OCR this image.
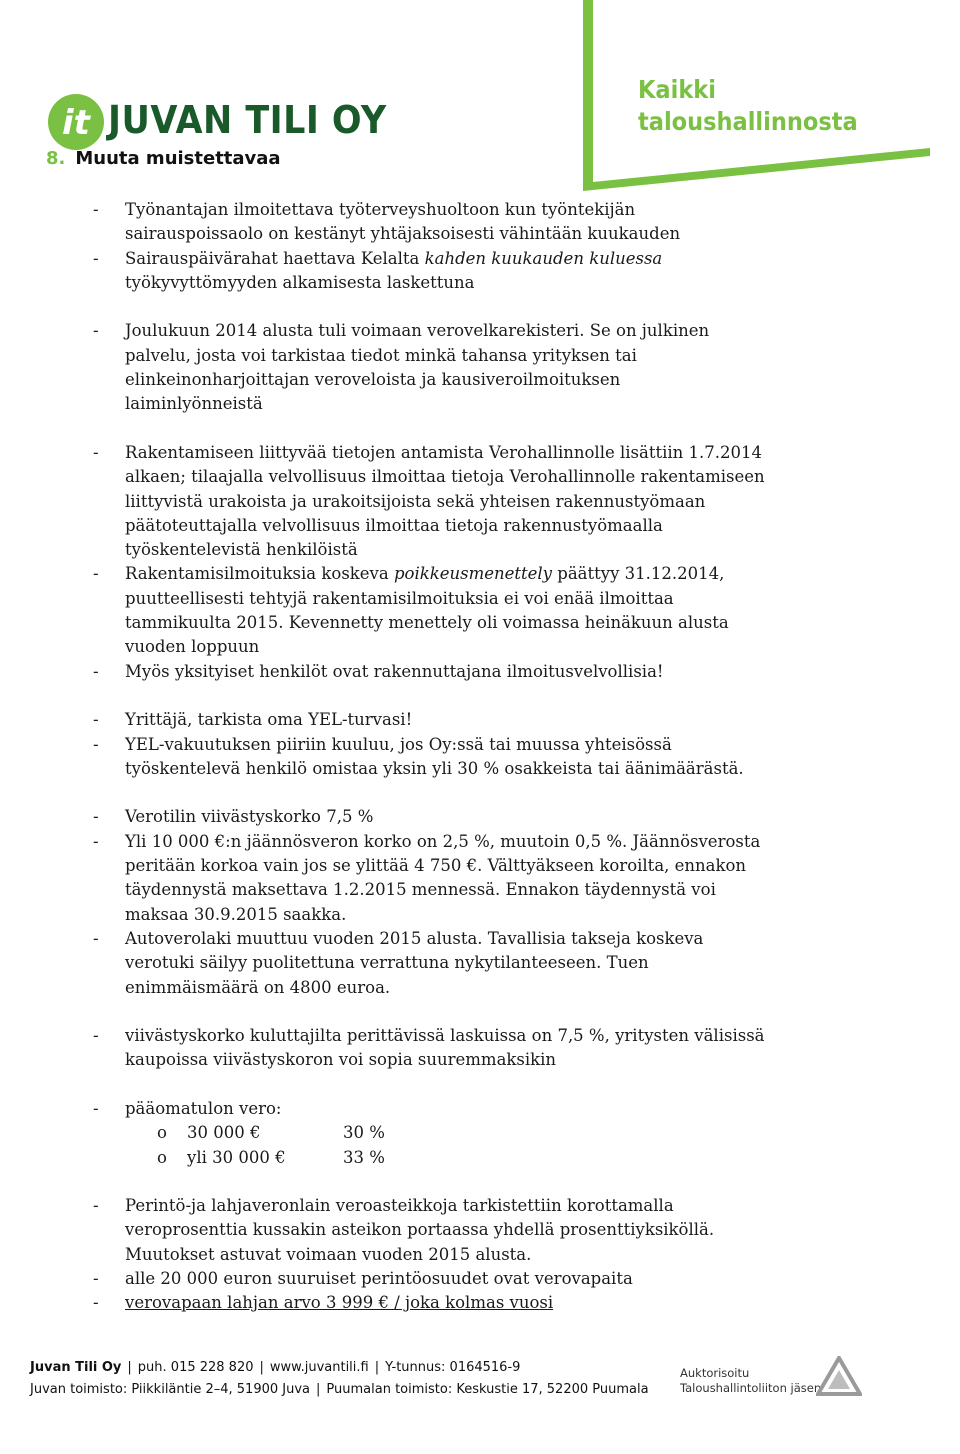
it JUVAN TILI OY
Kaikki
taloushallinnosta
8. Muuta muistettavaa
- Työnantajan ilmoitettava työterveyshuoltoon kun työntekijän
sairauspoissaolo on kestänyt yhtäjaksoisesti vähintään kuukauden
- Sairauspäivärahat haettava Kelalta kahden kuukauden kuluessa
työkyvyttömyyden alkamisesta laskettuna
- Joulukuun 2014 alusta tuli voimaan verovelkarekisteri. Se on julkinen
palvelu, josta voi tarkistaa tiedot minkä tahansa yrityksen tai
elinkeinonharjoittajan veroveloista ja kausiveroilmoituksen
laiminlyönneistä
- Rakentamiseen liittyvää tietojen antamista Verohallinnolle lisättiin 1.7.2014
alkaen; tilaajalla velvollisuus ilmoittaa tietoja Verohallinnolle rakentamiseen
liittyvistä urakoista ja urakoitsijoista sekä yhteisen rakennustyömaan
päätoteuttajalla velvollisuus ilmoittaa tietoja rakennustyömaalla
työskentelevistä henkilöistä
- Rakentamisilmoituksia koskeva poikkeusmenettely päättyy 31.12.2014,
puutteellisesti tehtyjä rakentamisilmoituksia ei voi enää ilmoittaa
tammikuulta 2015. Kevennetty menettely oli voimassa heinäkuun alusta
vuoden loppuun
- Myös yksityiset henkilöt ovat rakennuttajana ilmoitusvelvollisia!
- Yrittäjä, tarkista oma YEL-turvasi!
- YEL-vakuutuksen piiriin kuuluu, jos Oy:ssä tai muussa yhteisössä
työskentelevä henkilö omistaa yksin yli 30 % osakkeista tai äänimäärästä.
- Verotilin viivästyskorko 7,5 %
- Yli 10 000 €:n jäännösveron korko on 2,5 %, muutoin 0,5 %. Jäännösverosta
peritään korkoa vain jos se ylittää 4 750 €. Välttyäkseen koroilta, ennakon
täydennystä maksettava 1.2.2015 mennessä. Ennakon täydennystä voi
maksaa 30.9.2015 saakka.
- Autoverolaki muuttuu vuoden 2015 alusta. Tavallisia takseja koskeva
verotuki säilyy puolitettuna verrattuna nykytilanteeseen. Tuen
enimmäismäärä on 4800 euroa.
- viivästyskorko kuluttajilta perittävissä laskuissa on 7,5 %, yritysten välisissä
kaupoissa viivästyskoron voi sopia suuremmaksikin
- pääomatulon vero:
o 30 000 €	30 %
o yli 30 000 €	33 %
- Perintö-ja lahjaveronlain veroasteikkoja tarkistettiin korottamalla
veroprosenttia kussakin asteikon portaassa yhdellä prosenttiyksiköllä.
Muutokset astuvat voimaan vuoden 2015 alusta.
- alle 20 000 euron suuruiset perintöosuudet ovat verovapaita
- verovapaan lahjan arvo 3 999 € / joka kolmas vuosi
Juvan Tili Oy | puh. 015 228 820 | www.juvantili.fi | Y-tunnus: 0164516-9
Juvan toimisto: Piikkiläntie 2–4, 51900 Juva | Puumalan toimisto: Keskustie 17, 52200 Puumala
Auktorisoitu
Taloushallintoliiton jäsen
